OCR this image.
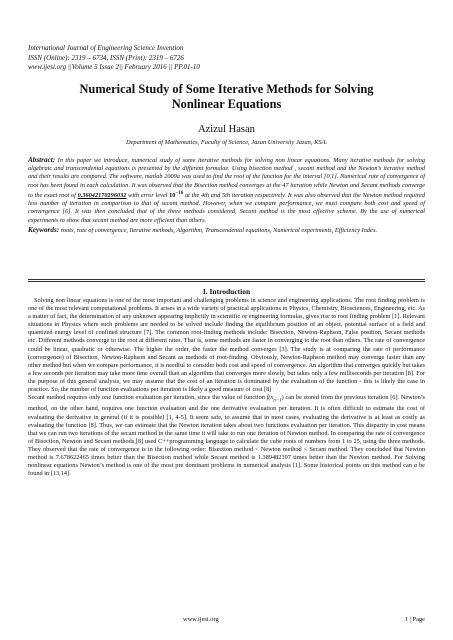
International Journal of Engineering Science Invention
ISSN (Online): 2319 – 6734, ISSN (Print): 2319 – 6726
www.ijesi.org ||Volume 5 Issue 2|| February 2016 || PP.01-10
Numerical Study of Some Iterative Methods for Solving
Nonlinear Equations
Azizul Hasan
Department of Mathematics, Faculty of Science, Jazan University Jazan, KSA.
Abstract: In this paper we introduce, numerical study of some iterative methods for solving non linear equations. Many iterative methods for solving algebraic and transcendental equations is presented by the different formulae. Using bisection method , secant method and the Newton’s iterative method and their results are compared. The software, matlab 2009a was used to find the root of the function for the interval [0,1]. Numerical rate of convergence of root has been found in each calculation. It was observed that the Bisection method converges at the 47 iteration while Newton and Secant methods converge to the exact root of 0.36042170296032 with error level $10^{-16}$ at the 4th and 5th iteration respectively. It was also observed that the Newton method required less number of iteration in comparison to that of secant method. However, when we compare performance, we must compare both cost and speed of convergence [6]. It was then concluded that of the three methods considered, Secant method is the most effective scheme. By the use of numerical experiments to show that secant method are more efficient than others.
Keywords: roots, rate of convergence, Iterative methods, Algorithm, Transcendental equations, Numerical experiments, Efficiency Index.
I. Introduction

Solving non linear equations is one of the most important and challenging problems in science and engineering applications. The root finding problem is one of the most relevant computational problems. It arises in a wide variety of practical applications in Physics, Chemistry, Biosciences, Engineering, etc. As a matter of fact, the determination of any unknown appearing implicitly in scientific or engineering formulas, gives rise to root finding problem [1]. Relevant situations in Physics where such problems are needed to be solved include finding the equilibrium position of an object, potential surface of a field and quantized energy level of confined structure [7]. The common root-finding methods include: Bisection, Newton-Raphson, False position, Secant methods etc. Different methods converge to the root at different rates. That is, some methods are faster in converging to the root than others. The rate of convergence could be linear, quadratic or otherwise. The higher the order, the faster the method converges [3]. The study is at comparing the rate of performance (convergence) of Bisection, Newton-Raphson and Secant as methods of root-finding. Obviously, Newton-Raphson method may converge faster than any other method but when we compare performance, it is needful to consider both cost and speed of convergence. An algorithm that converges quickly but takes a few seconds per iteration may take more time overall than an algorithm that converges more slowly, but takes only a few milliseconds per iteration [8]. For the purpose of this general analysis, we may assume that the cost of an iteration is dominated by the evaluation of the function - this is likely the case in practice. So, the number of function evaluations per iteration is likely a good measure of cost [8]

Secant method requires only one function evaluation per iteration, since the value of function $f(x_{n-1})$ can be stored from the previous iteration [6]. Newton’s method, on the other hand, requires one function evaluation and the one derivative evaluation per iteration. It is often difficult to estimate the cost of evaluating the derivative in general (if it is possible) [1, 4-5]. It seem safe, to assume that in most cases, evaluating the derivative is at least as costly as evaluating the function [8]. Thus, we can estimate that the Newton iteration takes about two functions evaluation per iteration. This disparity in cost means that we can run two iterations of the secant method in the same time it will take to run one iteration of Newton method. In comparing the rate of convergence of Bisection, Newton and Secant methods,[8] used C++programming language to calculate the cube roots of numbers from 1 to 25, using the three methods. They observed that the rate of convergence is in the following order: Bisection method < Newton method < Secant method. They concluded that Newton method is 7.678622465 times better than the Bisection method while Secant method is 1.389482397 times better than the Newton method. For Solving nonlinear equations Newton’s method is one of the most pre dominant problems in numerical analysis [1]. Some historical points on this method can a be found in [13,14].

www.ijesi.org	1 | Page
